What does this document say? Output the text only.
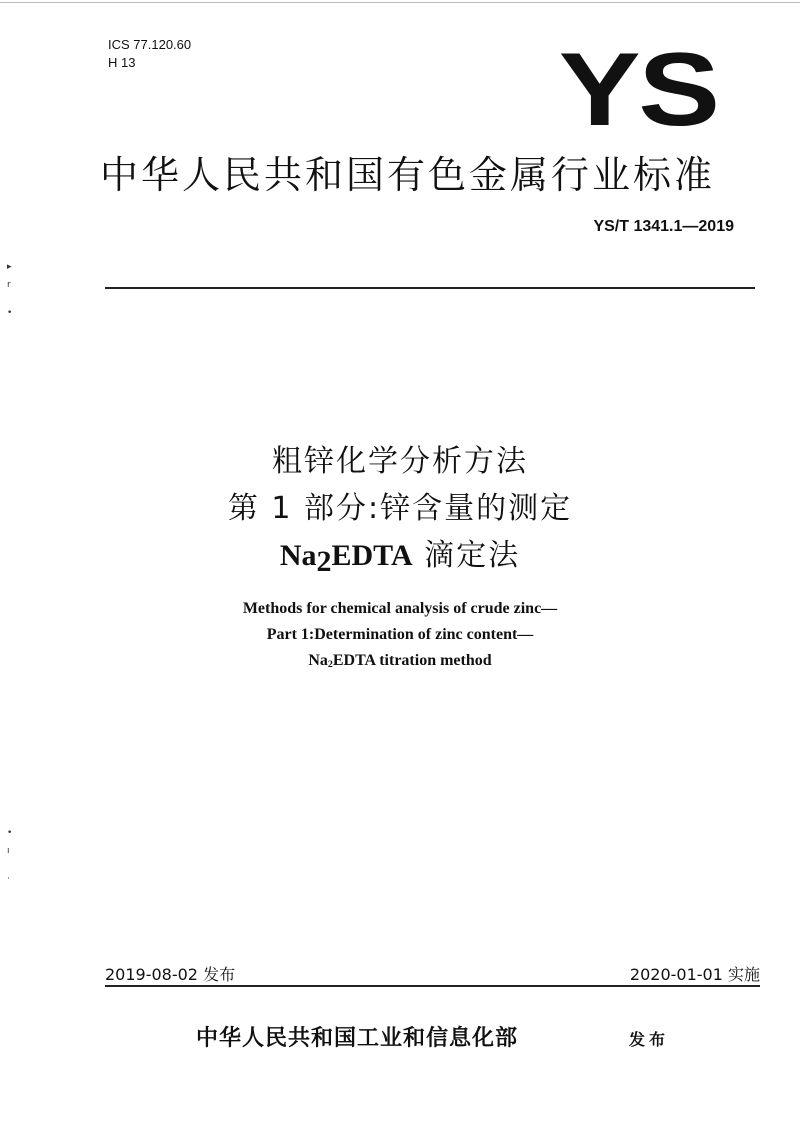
ICS 77.120.60
H 13	YS
中华人民共和国有色金属行业标准
YS/T 1341.1—2019
▸
r
•
•
ı
·
粗锌化学分析方法
第 1 部分:锌含量的测定
$Na_2EDTA$ 滴定法
Methods for chemical analysis of crude zinc—
Part 1:Determination of zinc content—
$Na_2EDTA$ titration method
2019-08-02 发布	2020-01-01 实施
中华人民共和国工业和信息化部	发布
